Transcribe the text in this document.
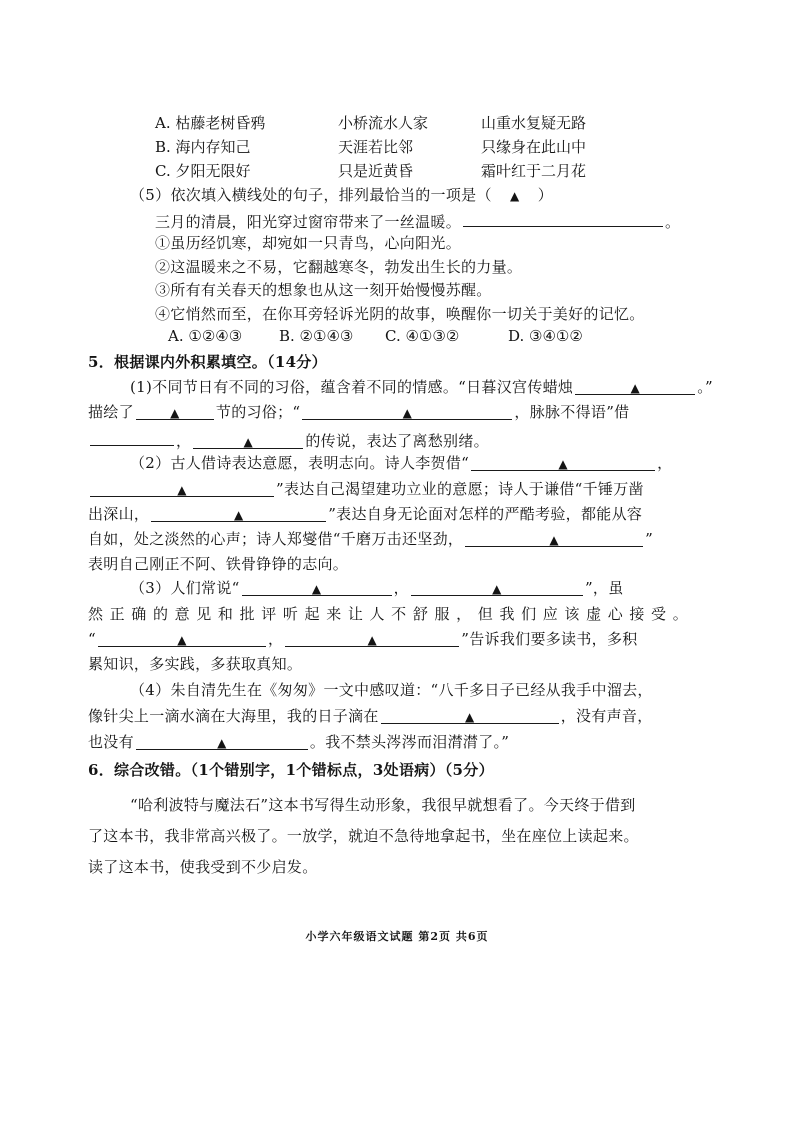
A. 枯藤老树昏鸦	小桥流水人家	山重水复疑无路
B. 海内存知己	天涯若比邻	只缘身在此山中
C. 夕阳无限好	只是近黄昏	霜叶红于二月花
（5）依次填入横线处的句子，排列最恰当的一项是（ ▲ ）
三月的清晨，阳光穿过窗帘带来了一丝温暖。	。
①虽历经饥寒，却宛如一只青鸟，心向阳光。
②这温暖来之不易，它翻越寒冬，勃发出生长的力量。
③所有有关春天的想象也从这一刻开始慢慢苏醒。
④它悄然而至，在你耳旁轻诉光阴的故事，唤醒你一切关于美好的记忆。
A. ①②④③ B. ②①④③ C. ④①③②	D. ③④①②
5．根据课内外积累填空。（14分）
(1)不同节日有不同的习俗，蕴含着不同的情感。“日暮汉宫传蜡烛	▲	。”
描绘了	▲ 节的习俗；“	▲	，脉脉不得语”借
，	▲	的传说，表达了离愁别绪。
（2）古人借诗表达意愿，表明志向。诗人李贺借“	▲	，
▲	”表达自己渴望建功立业的意愿；诗人于谦借“千锤万凿
出深山，	▲	”表达自身无论面对怎样的严酷考验，都能从容
自如，处之淡然的心声；诗人郑燮借“千磨万击还坚劲，	▲	”
表明自己刚正不阿、铁骨铮铮的志向。
（3）人们常说“	▲	，	▲	”，虽
然正确的意见和批评听起来让人不舒服，但我们应该虚心接受。
“	▲	，	▲	”告诉我们要多读书，多积
累知识，多实践，多获取真知。
（4）朱自清先生在《匆匆》一文中感叹道：“八千多日子已经从我手中溜去，
像针尖上一滴水滴在大海里，我的日子滴在	▲	，没有声音，
也没有	▲	。我不禁头涔涔而泪潸潸了。”
6．综合改错。（1个错别字，1个错标点，3处语病）（5分）
“哈利波特与魔法石”这本书写得生动形象，我很早就想看了。今天终于借到
了这本书，我非常高兴极了。一放学，就迫不急待地拿起书，坐在座位上读起来。
读了这本书，使我受到不少启发。
小学六年级语文试题 第2页 共6页
